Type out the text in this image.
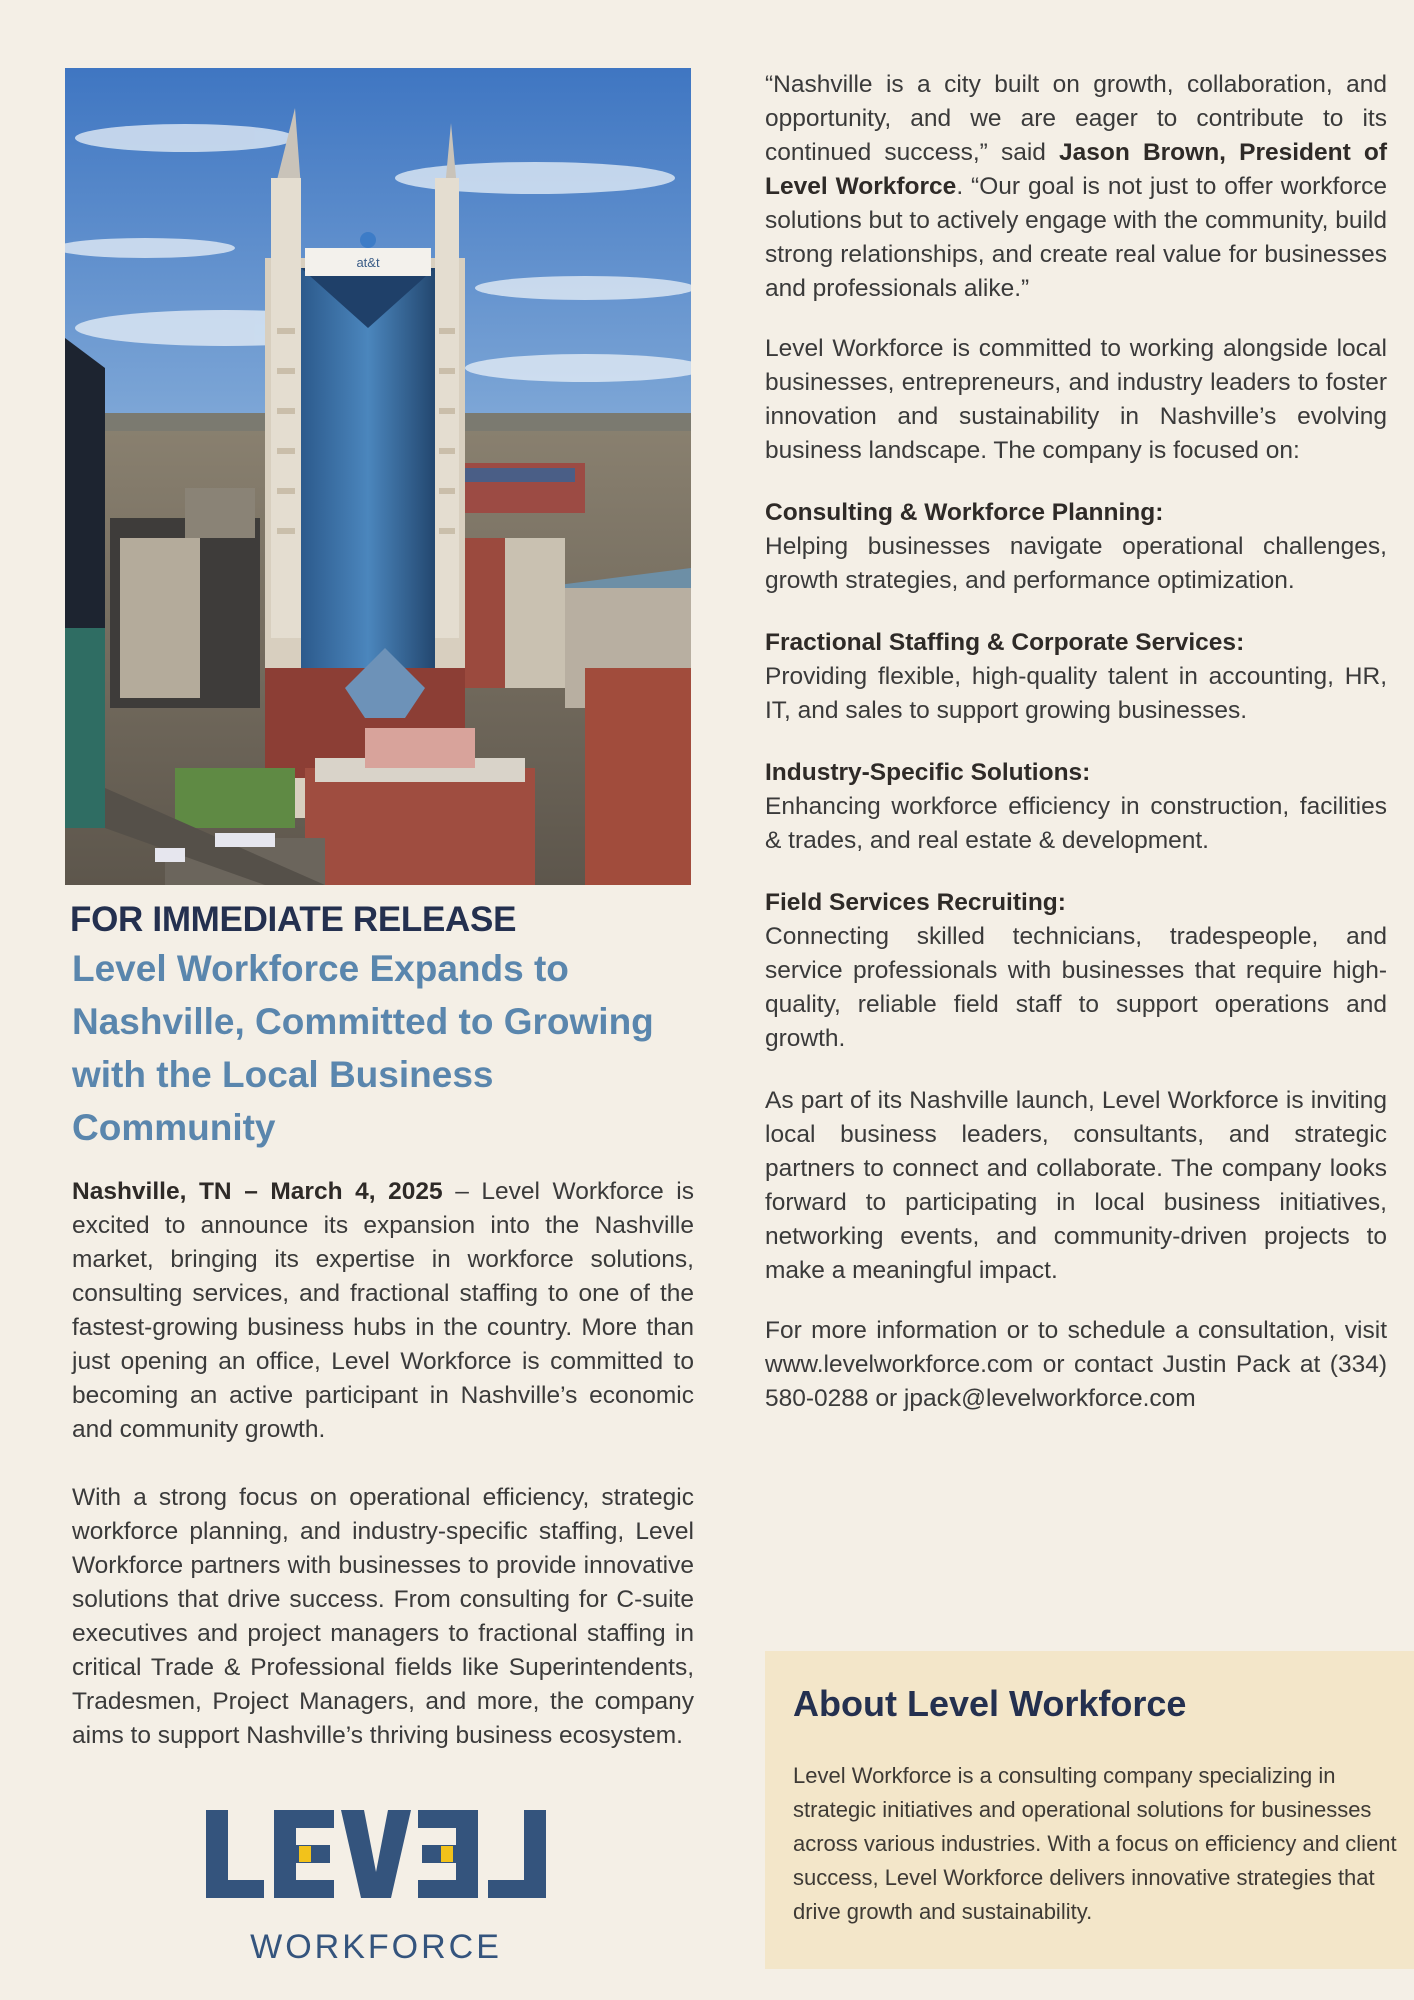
at&t
FOR IMMEDIATE RELEASE
Level Workforce Expands to Nashville, Committed to Growing with the Local Business Community

Nashville, TN – March 4, 2025 – Level Workforce is excited to announce its expansion into the Nashville market, bringing its expertise in workforce solutions, consulting services, and fractional staffing to one of the fastest-growing business hubs in the country. More than just opening an office, Level Workforce is committed to becoming an active participant in Nashville’s economic and community growth.

With a strong focus on operational efficiency, strategic workforce planning, and industry-specific staffing, Level Workforce partners with businesses to provide innovative solutions that drive success. From consulting for C-suite executives and project managers to fractional staffing in critical Trade & Professional fields like Superintendents, Tradesmen, Project Managers, and more, the company aims to support Nashville’s thriving business ecosystem.

WORKFORCE

“Nashville is a city built on growth, collaboration, and opportunity, and we are eager to contribute to its continued success,” said Jason Brown, President of Level Workforce. “Our goal is not just to offer workforce solutions but to actively engage with the community, build strong relationships, and create real value for businesses and professionals alike.”

Level Workforce is committed to working alongside local businesses, entrepreneurs, and industry leaders to foster innovation and sustainability in Nashville’s evolving business landscape. The company is focused on:

Consulting & Workforce Planning:

Helping businesses navigate operational challenges, growth strategies, and performance optimization.

Fractional Staffing & Corporate Services:

Providing flexible, high-quality talent in accounting, HR, IT, and sales to support growing businesses.

Industry-Specific Solutions:

Enhancing workforce efficiency in construction, facilities & trades, and real estate & development.

Field Services Recruiting:

Connecting skilled technicians, tradespeople, and service professionals with businesses that require high-quality, reliable field staff to support operations and growth.

As part of its Nashville launch, Level Workforce is inviting local business leaders, consultants, and strategic partners to connect and collaborate. The company looks forward to participating in local business initiatives, networking events, and community-driven projects to make a meaningful impact.

For more information or to schedule a consultation, visit www.levelworkforce.com or contact Justin Pack at (334) 580-0288 or jpack@levelworkforce.com

About Level Workforce
Level Workforce is a consulting company specializing in strategic initiatives and operational solutions for businesses across various industries. With a focus on efficiency and client success, Level Workforce delivers innovative strategies that drive growth and sustainability.
